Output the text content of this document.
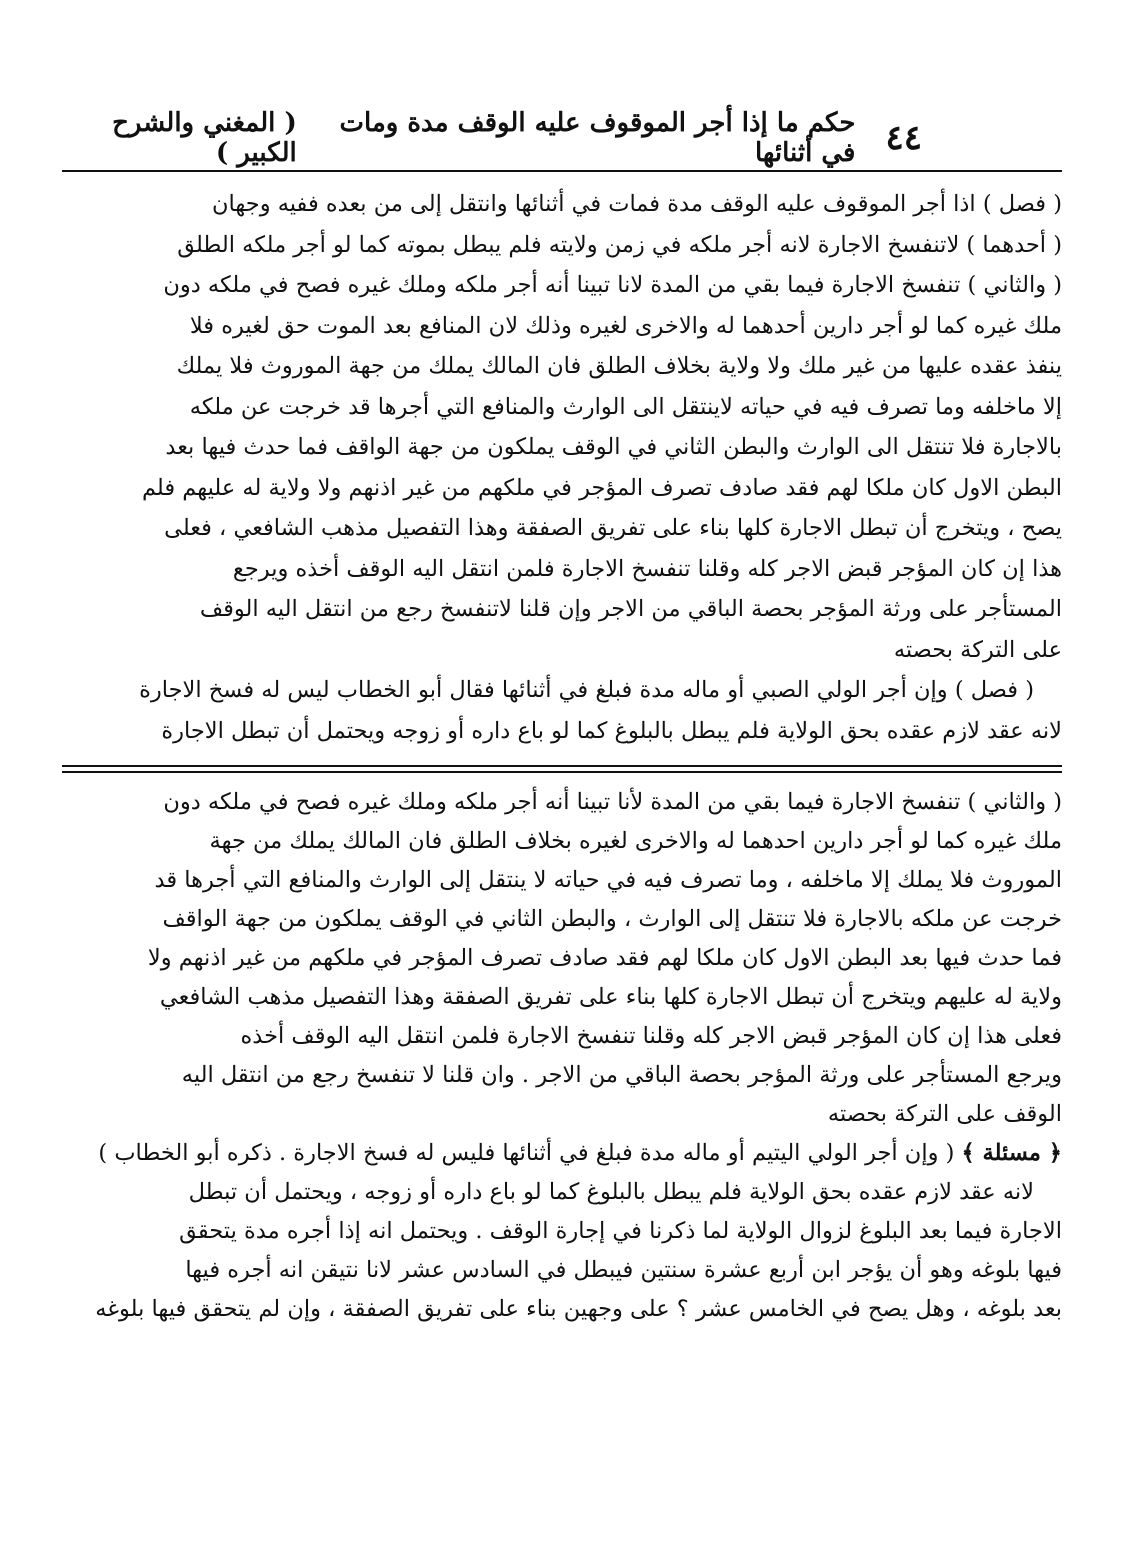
٤٤
حكم ما إذا أجر الموقوف عليه الوقف مدة ومات في أثنائها
( المغني والشرح الكبير )

( فصل ) اذا أجر الموقوف عليه الوقف مدة فمات في أثنائها وانتقل إلى من بعده ففيه وجهان

( أحدهما ) لاتنفسخ الاجارة لانه أجر ملكه في زمن ولايته فلم يبطل بموته كما لو أجر ملكه الطلق

( والثاني ) تنفسخ الاجارة فيما بقي من المدة لانا تبينا أنه أجر ملكه وملك غيره فصح في ملكه دون

ملك غيره كما لو أجر دارين أحدهما له والاخرى لغيره وذلك لان المنافع بعد الموت حق لغيره فلا

ينفذ عقده عليها من غير ملك ولا ولاية بخلاف الطلق فان المالك يملك من جهة الموروث فلا يملك

إلا ماخلفه وما تصرف فيه في حياته لاينتقل الى الوارث والمنافع التي أجرها قد خرجت عن ملكه

بالاجارة فلا تنتقل الى الوارث والبطن الثاني في الوقف يملكون من جهة الواقف فما حدث فيها بعد

البطن الاول كان ملكا لهم فقد صادف تصرف المؤجر في ملكهم من غير اذنهم ولا ولاية له عليهم فلم

يصح ، ويتخرج أن تبطل الاجارة كلها بناء على تفريق الصفقة وهذا التفصيل مذهب الشافعي ، فعلى

هذا إن كان المؤجر قبض الاجر كله وقلنا تنفسخ الاجارة فلمن انتقل اليه الوقف أخذه ويرجع

المستأجر على ورثة المؤجر بحصة الباقي من الاجر وإن قلنا لاتنفسخ رجع من انتقل اليه الوقف

على التركة بحصته

( فصل ) وإن أجر الولي الصبي أو ماله مدة فبلغ في أثنائها فقال أبو الخطاب ليس له فسخ الاجارة

لانه عقد لازم عقده بحق الولاية فلم يبطل بالبلوغ كما لو باع داره أو زوجه ويحتمل أن تبطل الاجارة

( والثاني ) تنفسخ الاجارة فيما بقي من المدة لأنا تبينا أنه أجر ملكه وملك غيره فصح في ملكه دون

ملك غيره كما لو أجر دارين احدهما له والاخرى لغيره بخلاف الطلق فان المالك يملك من جهة

الموروث فلا يملك إلا ماخلفه ، وما تصرف فيه في حياته لا ينتقل إلى الوارث والمنافع التي أجرها قد

خرجت عن ملكه بالاجارة فلا تنتقل إلى الوارث ، والبطن الثاني في الوقف يملكون من جهة الواقف

فما حدث فيها بعد البطن الاول كان ملكا لهم فقد صادف تصرف المؤجر في ملكهم من غير اذنهم ولا

ولاية له عليهم ويتخرج أن تبطل الاجارة كلها بناء على تفريق الصفقة وهذا التفصيل مذهب الشافعي

فعلى هذا إن كان المؤجر قبض الاجر كله وقلنا تنفسخ الاجارة فلمن انتقل اليه الوقف أخذه

ويرجع المستأجر على ورثة المؤجر بحصة الباقي من الاجر . وان قلنا لا تنفسخ رجع من انتقل اليه

الوقف على التركة بحصته

﴿ مسئلة ﴾ ( وإن أجر الولي اليتيم أو ماله مدة فبلغ في أثنائها فليس له فسخ الاجارة . ذكره أبو الخطاب )

لانه عقد لازم عقده بحق الولاية فلم يبطل بالبلوغ كما لو باع داره أو زوجه ، ويحتمل أن تبطل

الاجارة فيما بعد البلوغ لزوال الولاية لما ذكرنا في إجارة الوقف . ويحتمل انه إذا أجره مدة يتحقق

فيها بلوغه وهو أن يؤجر ابن أربع عشرة سنتين فيبطل في السادس عشر لانا نتيقن انه أجره فيها

بعد بلوغه ، وهل يصح في الخامس عشر ؟ على وجهين بناء على تفريق الصفقة ، وإن لم يتحقق فيها بلوغه
